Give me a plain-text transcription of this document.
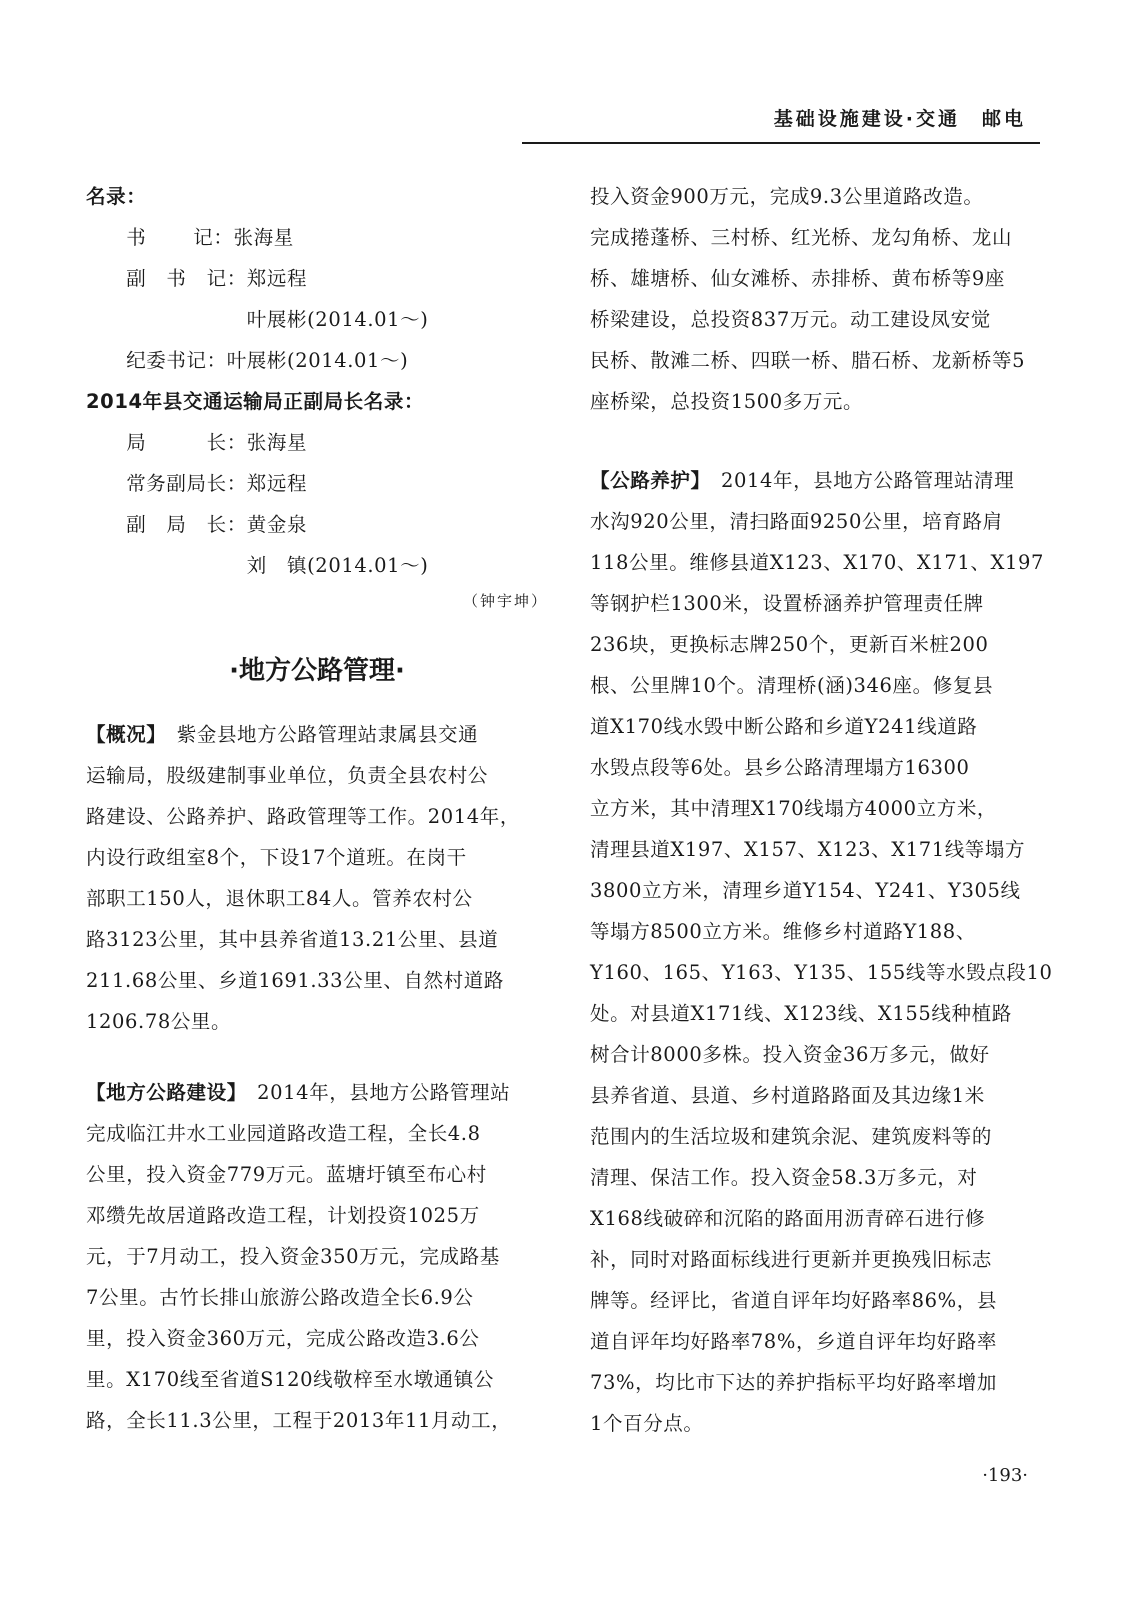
基础设施建设·交通　邮电
名录：
　　书　　 记：张海星
　　副　书　记：郑远程
　　　　　　　　叶展彬(2014.01～)
　　纪委书记：叶展彬(2014.01～)
2014年县交通运输局正副局长名录：
　　局　　　长：张海星
　　常务副局长：郑远程
　　副　局　长：黄金泉
　　　　　　　　刘　镇(2014.01～)
（钟宇坤）
·地方公路管理·
【概况】　紫金县地方公路管理站隶属县交通
运输局，股级建制事业单位，负责全县农村公
路建设、公路养护、路政管理等工作。2014年，
内设行政组室8个，下设17个道班。在岗干
部职工150人，退休职工84人。管养农村公
路3123公里，其中县养省道13.21公里、县道
211.68公里、乡道1691.33公里、自然村道路
1206.78公里。
【地方公路建设】　2014年，县地方公路管理站
完成临江井水工业园道路改造工程，全长4.8
公里，投入资金779万元。蓝塘圩镇至布心村
邓缵先故居道路改造工程，计划投资1025万
元，于7月动工，投入资金350万元，完成路基
7公里。古竹长排山旅游公路改造全长6.9公
里，投入资金360万元，完成公路改造3.6公
里。X170线至省道S120线敬梓至水墩通镇公
路，全长11.3公里，工程于2013年11月动工，
投入资金900万元，完成9.3公里道路改造。
完成捲蓬桥、三村桥、红光桥、龙勾角桥、龙山
桥、雄塘桥、仙女滩桥、赤排桥、黄布桥等9座
桥梁建设，总投资837万元。动工建设凤安觉
民桥、散滩二桥、四联一桥、腊石桥、龙新桥等5
座桥梁，总投资1500多万元。
【公路养护】　2014年，县地方公路管理站清理
水沟920公里，清扫路面9250公里，培育路肩
118公里。维修县道X123、X170、X171、X197
等钢护栏1300米，设置桥涵养护管理责任牌
236块，更换标志牌250个，更新百米桩200
根、公里牌10个。清理桥(涵)346座。修复县
道X170线水毁中断公路和乡道Y241线道路
水毁点段等6处。县乡公路清理塌方16300
立方米，其中清理X170线塌方4000立方米，
清理县道X197、X157、X123、X171线等塌方
3800立方米，清理乡道Y154、Y241、Y305线
等塌方8500立方米。维修乡村道路Y188、
Y160、165、Y163、Y135、155线等水毁点段10
处。对县道X171线、X123线、X155线种植路
树合计8000多株。投入资金36万多元，做好
县养省道、县道、乡村道路路面及其边缘1米
范围内的生活垃圾和建筑余泥、建筑废料等的
清理、保洁工作。投入资金58.3万多元，对
X168线破碎和沉陷的路面用沥青碎石进行修
补，同时对路面标线进行更新并更换残旧标志
牌等。经评比，省道自评年均好路率86%，县
道自评年均好路率78%，乡道自评年均好路率
73%，均比市下达的养护指标平均好路率增加
1个百分点。
·193·
